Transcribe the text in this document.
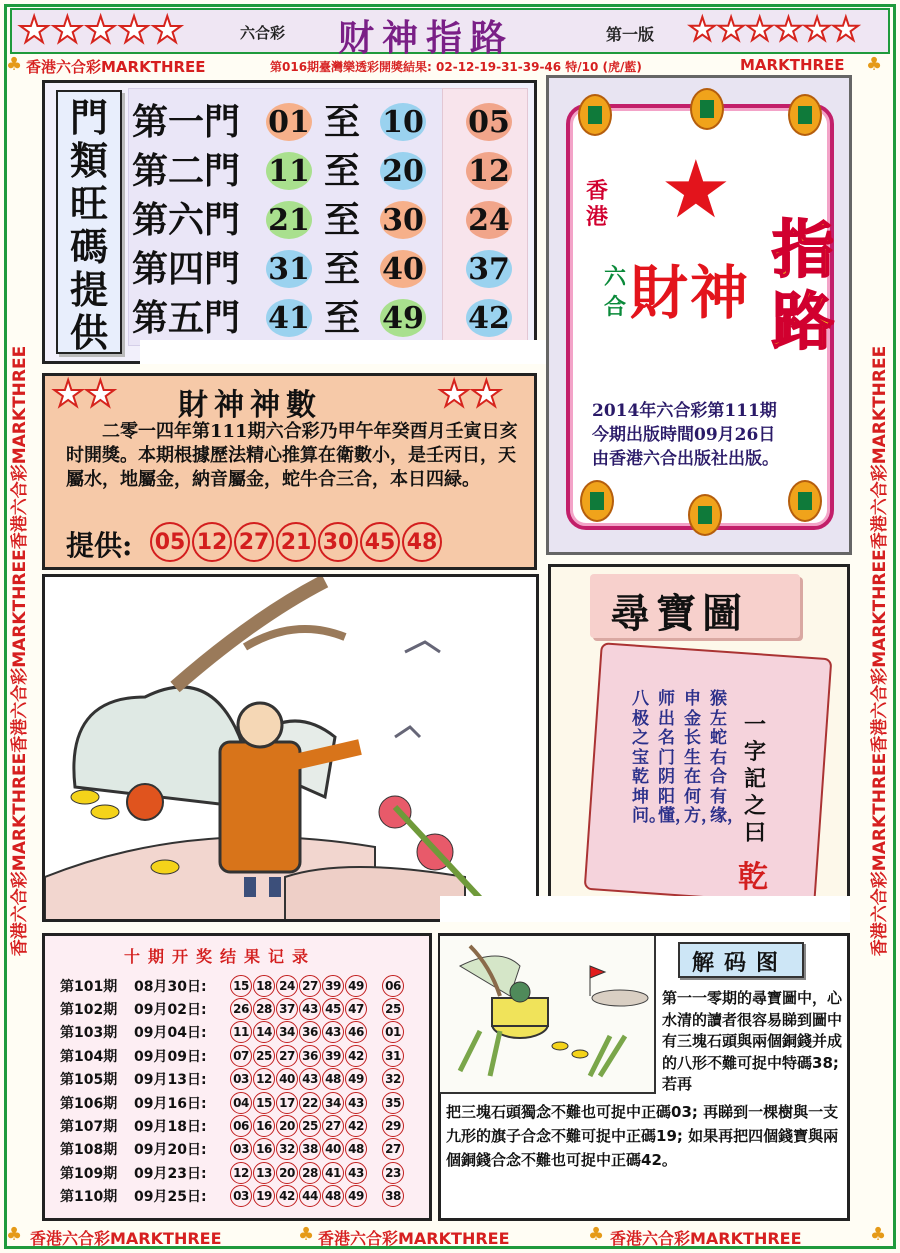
★★★★★	六合彩 财神指路	第一版 ★★★★★★
♣ 香港六合彩MARKTHREE	第016期臺灣樂透彩開獎結果: 02-12-19-31-39-46 特/10 (虎/藍)	MARKTHREE ♣
香港六合彩MARKTHREE香港六合彩MARKTHREE香港六合彩MARKTHREE	香港六合彩MARKTHREE香港六合彩MARKTHREE香港六合彩MARKTHREE
♣ 香港六合彩MARKTHREE	♣ 香港六合彩MARKTHREE	♣ 香港六合彩MARKTHREE	♣
門類旺碼提供
第一門 01 至 10 05
第二門 11 至 20 12
第六門 21 至 30 24
第四門 31 至 40 37
第五門 41 至 49 42
★
香港
六合 財神
指路
2014年六合彩第111期
今期出版時間09月26日
由香港六合出版社出版。
★★ 財神神數	★★
二零一四年第111期六合彩乃甲午年癸酉月壬寅日亥时開獎。本期根據歷法精心推算在衛數小，是壬丙日，天屬水，地屬金，納音屬金，蛇牛合三合，本日四緑。
提供: 05 12 27 21 30 45 48
尋寶圖
猴左蛇右合有缘，
申金长生在何方，
师出名门阴阳懂，
八极之宝乾坤问。
一字記之曰
乾
十期开奖结果记录
第101期	08月30日:	15 18 24 27 39 49 06
第102期	09月02日:	26 28 37 43 45 47 25
第103期	09月04日:	11 14 34 36 43 46 01
第104期	09月09日:	07 25 27 36 39 42 31
第105期	09月13日:	03 12 40 43 48 49 32
第106期	09月16日:	04 15 17 22 34 43 35
第107期	09月18日:	06 16 20 25 27 42 29
第108期	09月20日:	03 16 32 38 40 48 27
第109期	09月23日:	12 13 20 28 41 43 23
第110期	09月25日:	03 19 42 44 48 49 38
解码图
第一一零期的尋寶圖中，心水清的讀者很容易睇到圖中有三塊石頭與兩個銅錢并成的八形不難可捉中特碼38; 若再
把三塊石頭獨念不難也可捉中正碼03; 再睇到一棵樹與一支九形的旗子合念不難可捉中正碼19; 如果再把四個錢寶與兩個銅錢合念不難也可捉中正碼42。
